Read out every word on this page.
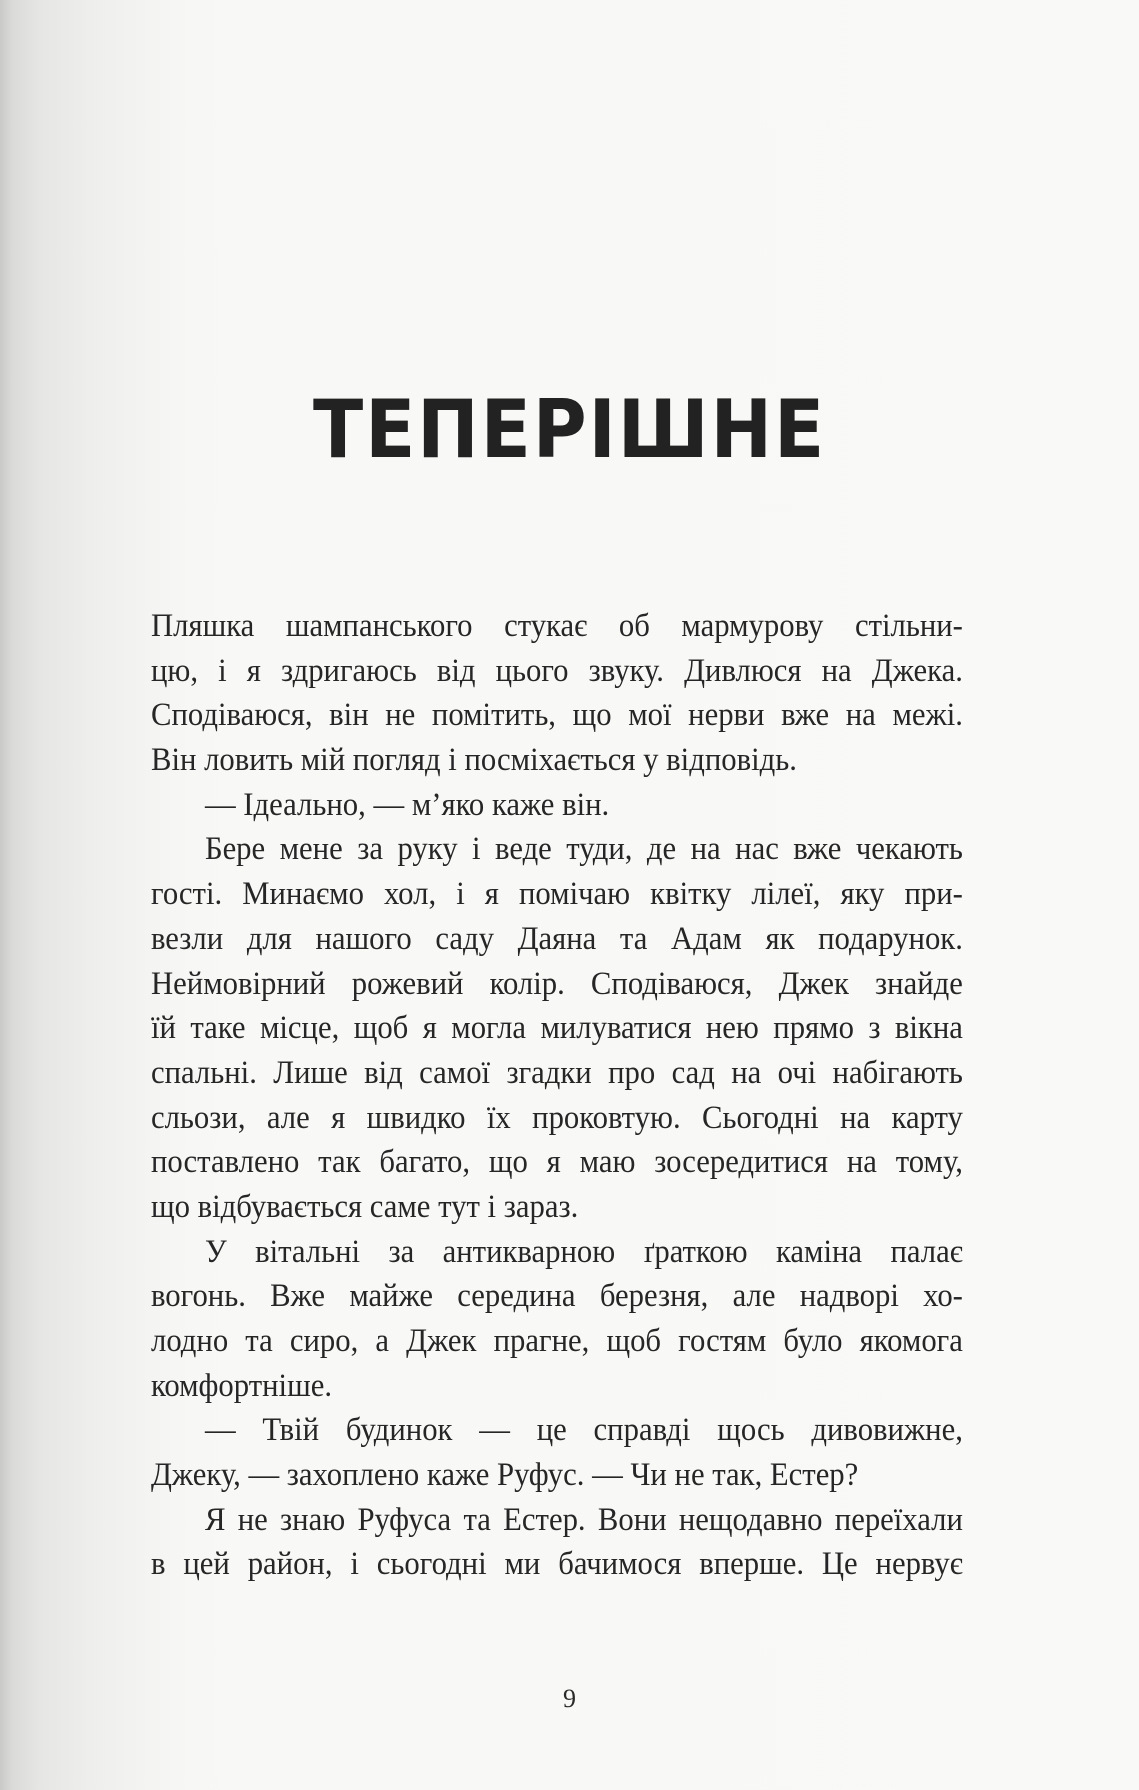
ТЕПЕРІШНЕ
Пляшка шампанського стукає об мармурову стільни-
цю, і я здригаюсь від цього звуку. Дивлюся на Джека.
Сподіваюся, він не помітить, що мої нерви вже на межі.
Він ловить мій погляд і посміхається у відповідь.
— Ідеально, — м’яко каже він.
Бере мене за руку і веде туди, де на нас вже чекають
гості. Минаємо хол, і я помічаю квітку лілеї, яку при-
везли для нашого саду Даяна та Адам як подарунок.
Неймовірний рожевий колір. Сподіваюся, Джек знайде
їй таке місце, щоб я могла милуватися нею прямо з вікна
спальні. Лише від самої згадки про сад на очі набігають
сльози, але я швидко їх проковтую. Сьогодні на карту
поставлено так багато, що я маю зосередитися на тому,
що відбувається саме тут і зараз.
У вітальні за антикварною ґраткою каміна палає
вогонь. Вже майже середина березня, але надворі хо-
лодно та сиро, а Джек прагне, щоб гостям було якомога
комфортніше.
— Твій будинок — це справді щось дивовижне,
Джеку, — захоплено каже Руфус. — Чи не так, Естер?
Я не знаю Руфуса та Естер. Вони нещодавно переїхали
в цей район, і сьогодні ми бачимося вперше. Це нервує
9
